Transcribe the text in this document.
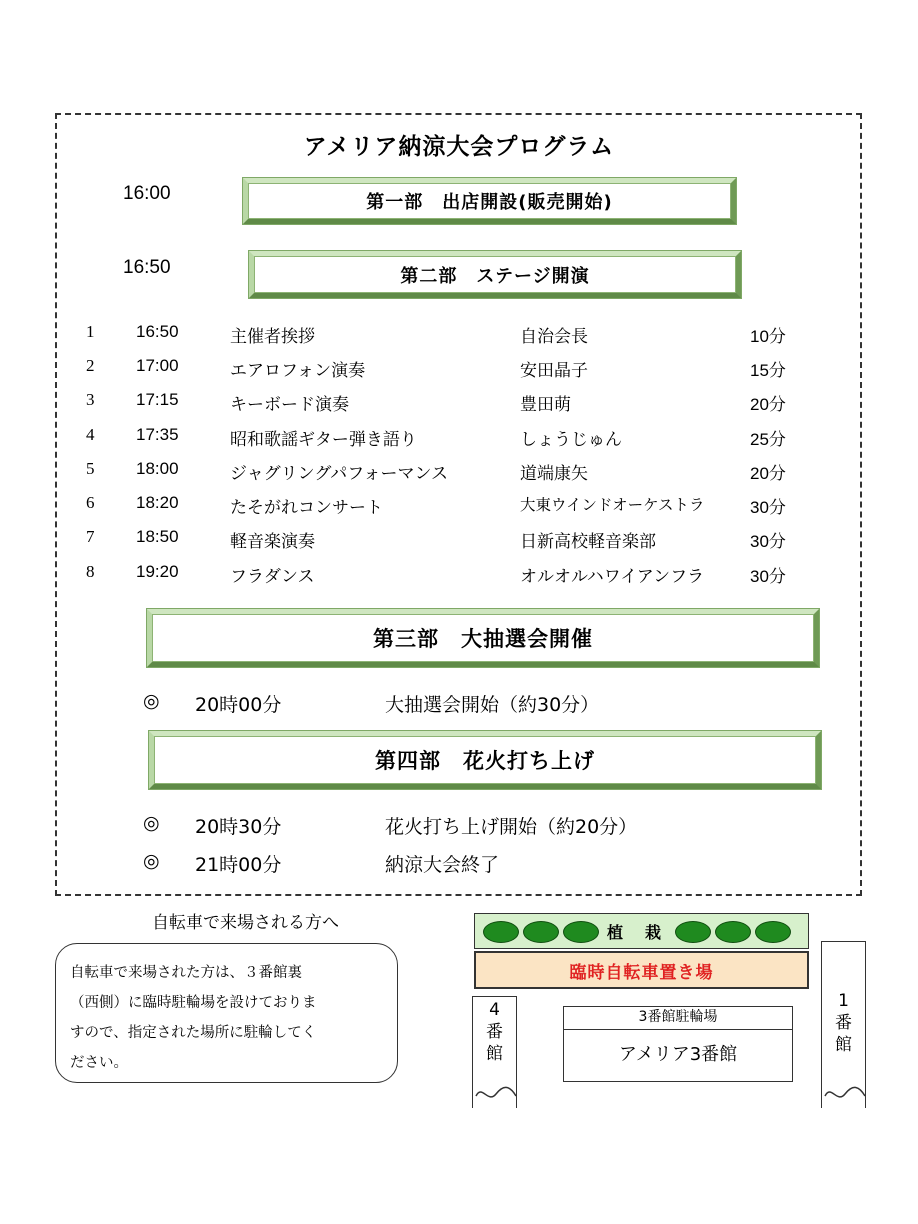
アメリア納涼大会プログラム
16:00	第一部　出店開設(販売開始)
16:50	第二部　ステージ開演
1 16:50	主催者挨拶	自治会長	10分
2 17:00	エアロフォン演奏	安田晶子	15分
3 17:15	キーボード演奏	豊田萌	20分
4 17:35	昭和歌謡ギター弾き語り	しょうじゅん	25分
5 18:00	ジャグリングパフォーマンス	道端康矢	20分
6 18:20	たそがれコンサート	大東ウインドオーケストラ	30分
7 18:50	軽音楽演奏	日新高校軽音楽部	30分
8 19:20	フラダンス	オルオルハワイアンフラ	30分
第三部　大抽選会開催
◎ 20時00分	大抽選会開始（約30分）
第四部　花火打ち上げ
◎ 20時30分	花火打ち上げ開始（約20分）
◎ 21時00分	納涼大会終了
自転車で来場される方へ
自転車で来場された方は、３番館裏
（西側）に臨時駐輪場を設けておりま
すので、指定された場所に駐輪してく
ださい。
植　栽
臨時自転車置き場
4
番
館
1
番
館
3番館駐輪場
アメリア3番館
